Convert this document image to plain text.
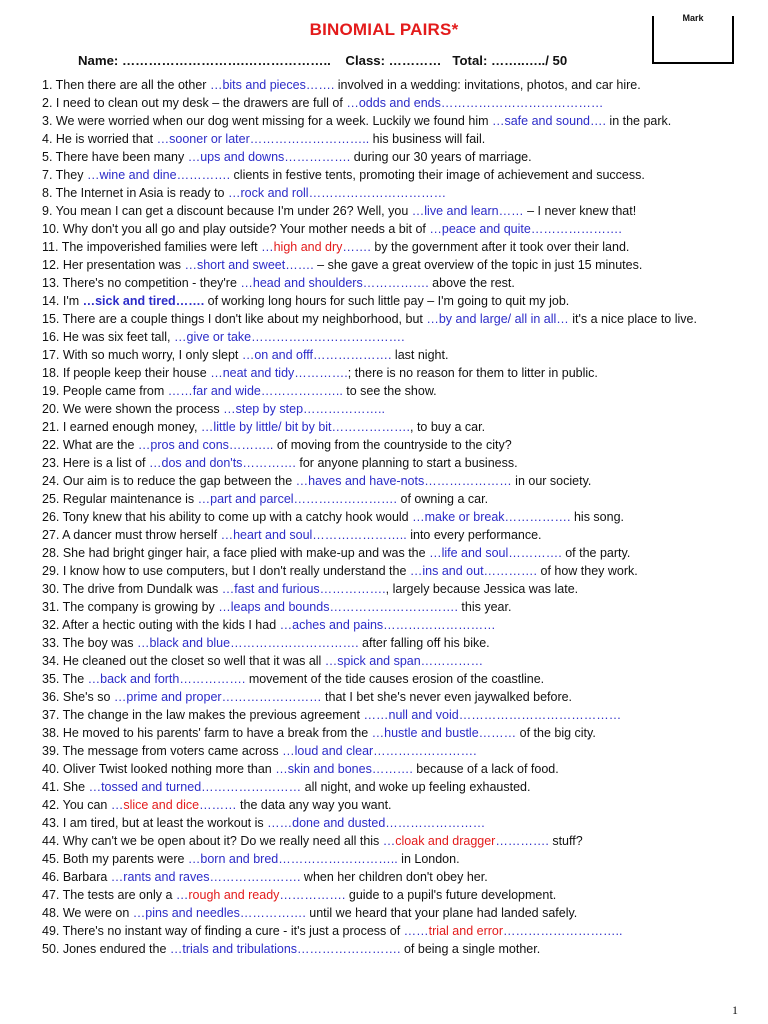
BINOMIAL PAIRS*
Mark
Name: ……………………….………………..    Class: …………   Total: ……..…../ 50
1. Then there are all the other …bits and pieces……. involved in a wedding: invitations, photos, and car hire.
2. I need to clean out my desk – the drawers are full of …odds and ends…………………………………
3. We were worried when our dog went missing for a week. Luckily we found him …safe and sound…. in the park.
4. He is worried that …sooner or later……………………….. his business will fail.
5. There have been many …ups and downs……………. during our 30 years of marriage.
7. They …wine and dine…………. clients in festive tents, promoting their image of achievement and success.
8. The Internet in Asia is ready to …rock and roll……………………………
9. You mean I can get a discount because I'm under 26? Well, you …live and learn…… – I never knew that!
10. Why don't you all go and play outside? Your mother needs a bit of …peace and quite………………….
11. The impoverished families were left …high and dry……. by the government after it took over their land.
12. Her presentation was …short and sweet……. – she gave a great overview of the topic in just 15 minutes.
13. There's no competition - they're …head and shoulders……………. above the rest.
14. I'm …sick and tired……. of working long hours for such little pay – I'm going to quit my job.
15. There are a couple things I don't like about my neighborhood, but …by and large/ all in all… it's a nice place to live.
16. He was six feet tall, …give or take……………………………….
17. With so much worry, I only slept …on and offf………………. last night.
18. If people keep their house …neat and tidy………….; there is no reason for them to litter in public.
19. People came from ……far and wide……………….. to see the show.
20. We were shown the process …step by step………………..
21. I earned enough money, …little by little/ bit by bit………………., to buy a car.
22. What are the …pros and cons……….. of moving from the countryside to the city?
23. Here is a list of …dos and don'ts…………. for anyone planning to start a business.
24. Our aim is to reduce the gap between the …haves and have-nots………………… in our society.
25. Regular maintenance is …part and parcel……………………. of owning a car.
26. Tony knew that his ability to come up with a catchy hook would …make or break……………. his song.
27. A dancer must throw herself …heart and soul………………….. into every performance.
28. She had bright ginger hair, a face plied with make-up and was the …life and soul…………. of the party.
29. I know how to use computers, but I don't really understand the …ins and out…………. of how they work.
30. The drive from Dundalk was …fast and furious……………., largely because Jessica was late.
31. The company is growing by …leaps and bounds…………………………. this year.
32. After a hectic outing with the kids I had …aches and pains………………………
33. The boy was …black and blue…………………………. after falling off his bike.
34. He cleaned out the closet so well that it was all …spick and span……………
35. The …back and forth……………. movement of the tide causes erosion of the coastline.
36. She's so …prime and proper…………………… that I bet she's never even jaywalked before.
37. The change in the law makes the previous agreement ……null and void…………………………………
38. He moved to his parents' farm to have a break from the …hustle and bustle……… of the big city.
39. The message from voters came across …loud and clear…………………….
40. Oliver Twist looked nothing more than …skin and bones………. because of a lack of food.
41. She …tossed and turned…………………… all night, and woke up feeling exhausted.
42. You can …slice and dice……… the data any way you want.
43. I am tired, but at least the workout is ……done and dusted……………………
44. Why can't we be open about it? Do we really need all this …cloak and dragger…………. stuff?
45. Both my parents were …born and bred……………………….. in London.
46. Barbara …rants and raves…………………. when her children don't obey her.
47. The tests are only a …rough and ready……………. guide to a pupil's future development.
48. We were on …pins and needles……………. until we heard that your plane had landed safely.
49. There's no instant way of finding a cure - it's just a process of ……trial and error………………………..
50. Jones endured the …trials and tribulations……………………. of being a single mother.
1
